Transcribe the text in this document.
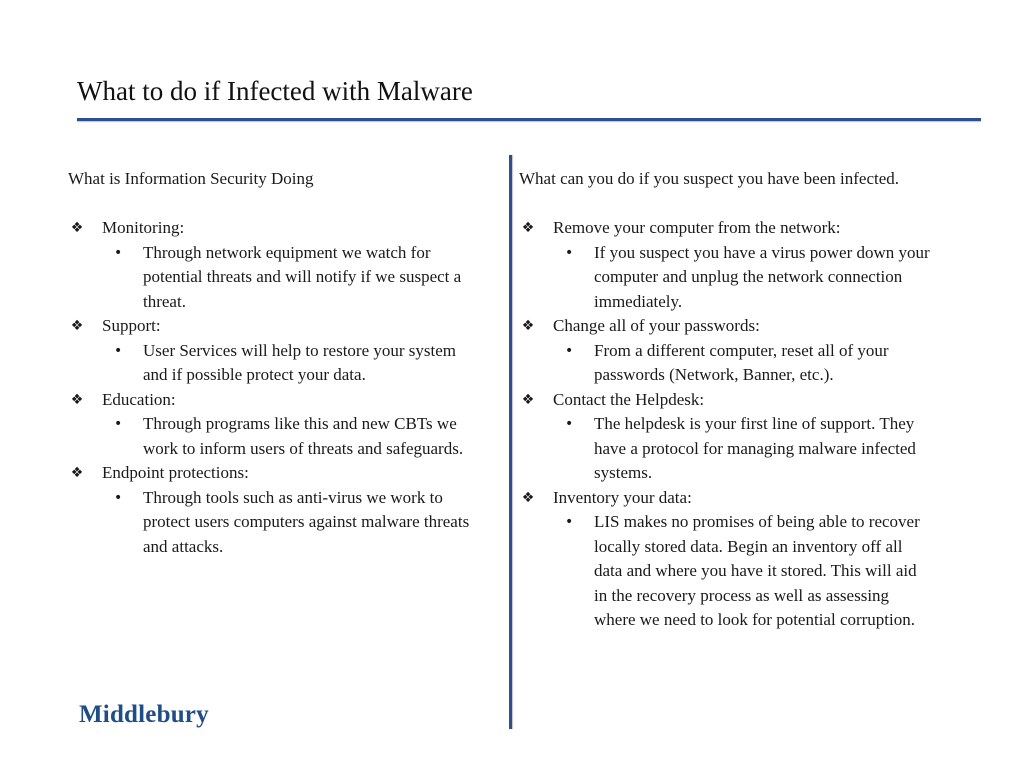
What to do if Infected with Malware

What is Information Security Doing

❖ Monitoring:
• Through network equipment we watch for potential threats and will notify if we suspect a threat.
❖ Support:
• User Services will help to restore your system and if possible protect your data.
❖ Education:
• Through programs like this and new CBTs we work to inform users of threats and safeguards.
❖ Endpoint protections:
• Through tools such as anti-virus we work to protect users computers against malware threats and attacks.

What can you do if you suspect you have been infected.

❖ Remove your computer from the network:
• If you suspect you have a virus power down your computer and unplug the network connection immediately.
❖ Change all of your passwords:
• From a different computer, reset all of your passwords (Network, Banner, etc.).
❖ Contact the Helpdesk:
• The helpdesk is your first line of support. They have a protocol for managing malware infected systems.
❖ Inventory your data:
• LIS makes no promises of being able to recover locally stored data. Begin an inventory off all data and where you have it stored. This will aid in the recovery process as well as assessing where we need to look for potential corruption.
Middlebury
